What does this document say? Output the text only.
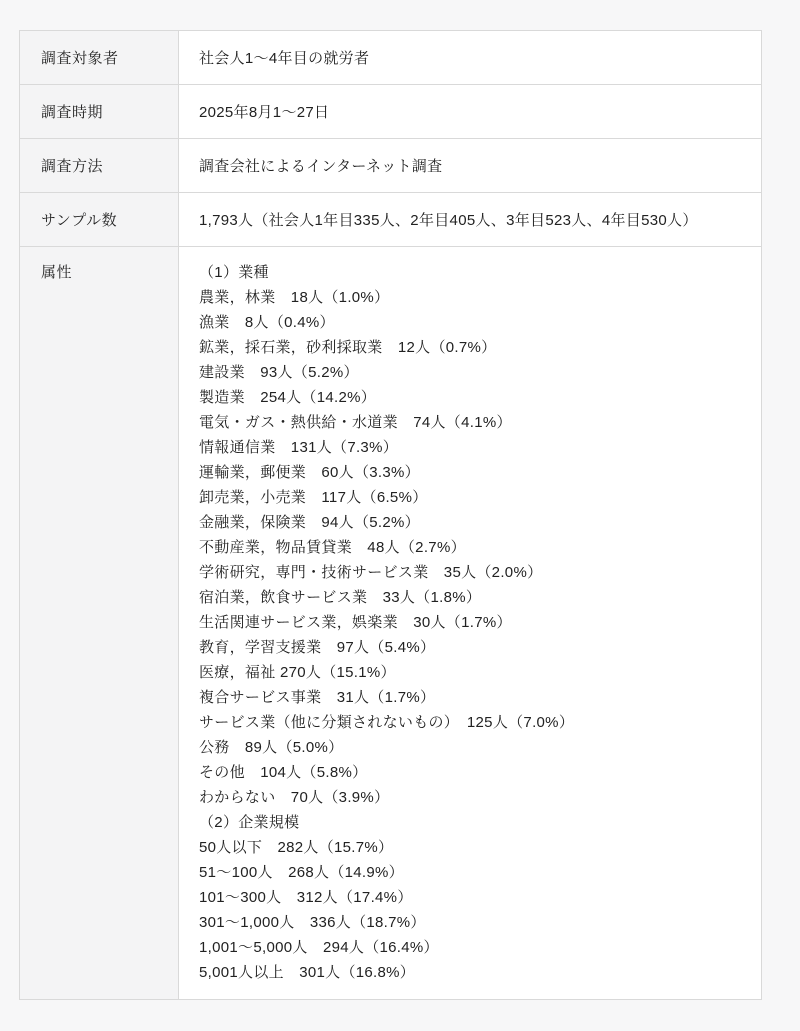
調査対象者	社会人1〜4年目の就労者
調査時期	2025年8月1〜27日
調査方法	調査会社によるインターネット調査
サンプル数	1,793人（社会人1年目335人、2年目405人、3年目523人、4年目530人）
属性	（1）業種
農業，林業　18人（1.0%）
漁業　8人（0.4%）
鉱業，採石業，砂利採取業　12人（0.7%）
建設業　93人（5.2%）
製造業　254人（14.2%）
電気・ガス・熱供給・水道業　74人（4.1%）
情報通信業　131人（7.3%）
運輸業，郵便業　60人（3.3%）
卸売業，小売業　117人（6.5%）
金融業，保険業　94人（5.2%）
不動産業，物品賃貸業　48人（2.7%）
学術研究，専門・技術サービス業　35人（2.0%）
宿泊業，飲食サービス業　33人（1.8%）
生活関連サービス業，娯楽業　30人（1.7%）
教育，学習支援業　97人（5.4%）
医療，福祉 270人（15.1%）
複合サービス事業　31人（1.7%）
サービス業（他に分類されないもの）　125人（7.0%）
公務　89人（5.0%）
その他　104人（5.8%）
わからない　70人（3.9%）
（2）企業規模
50人以下　282人（15.7%）
51〜100人　268人（14.9%）
101〜300人　312人（17.4%）
301〜1,000人　336人（18.7%）
1,001〜5,000人　294人（16.4%）
5,001人以上　301人（16.8%）
